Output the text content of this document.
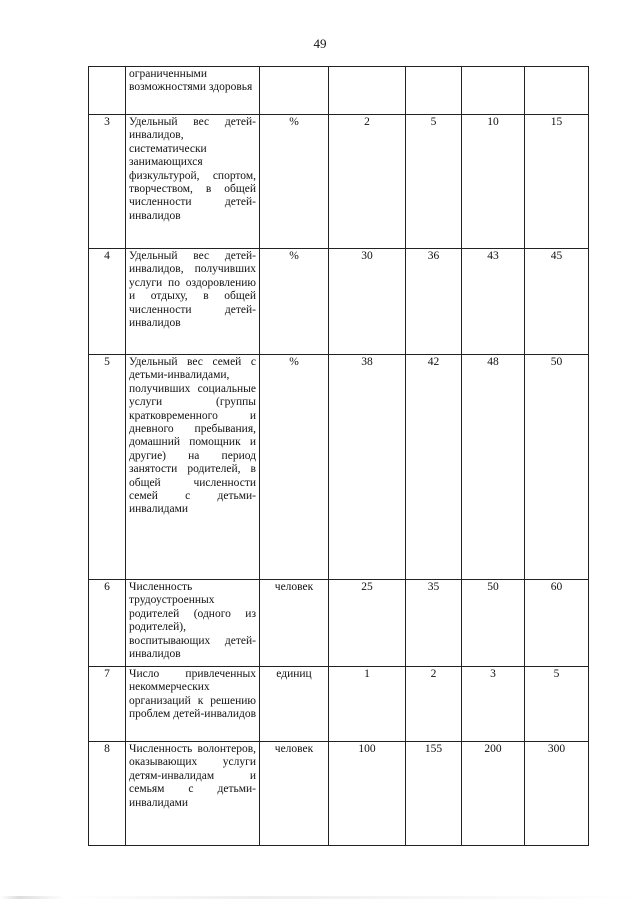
49
	ограниченными возможностями здоровья					
3	Удельный вес детей-инвалидов, систематически занимающихся физкультурой, спортом, творчеством, в общей численности детей-инвалидов	%	2	5	10	15
4	Удельный вес детей-инвалидов, получивших услуги по оздоровлению и отдыху, в общей численности детей-инвалидов	%	30	36	43	45
5	Удельный вес семей с детьми-инвалидами, получивших социальные услуги (группы кратковременного и дневного пребывания, домашний помощник и другие) на период занятости родителей, в общей численности семей с детьми-инвалидами	%	38	42	48	50
6	Численность трудоустроенных родителей (одного из родителей), воспитывающих детей-инвалидов	человек	25	35	50	60
7	Число привлеченных некоммерческих организаций к решению проблем детей-инвалидов	единиц	1	2	3	5
8	Численность волонтеров, оказывающих услуги детям-инвалидам и семьям с детьми-инвалидами	человек	100	155	200	300
